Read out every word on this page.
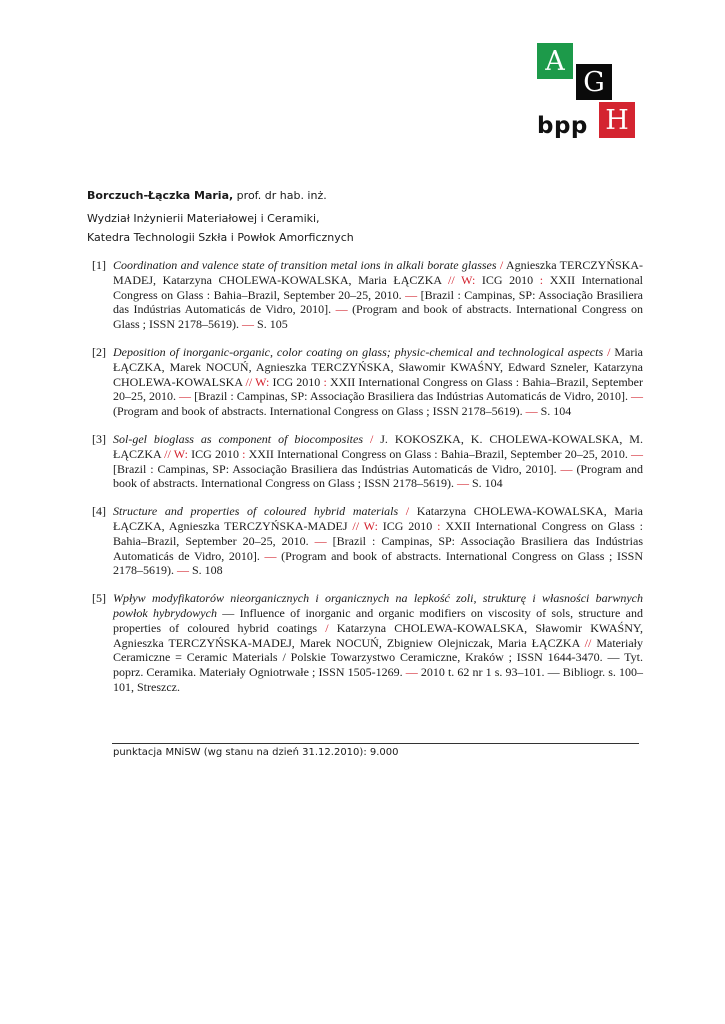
A
G
bpp H
Borczuch-Łączka Maria, prof. dr hab. inż.
Wydział Inżynierii Materiałowej i Ceramiki,
Katedra Technologii Szkła i Powłok Amorficznych
[1] Coordination and valence state of transition metal ions in alkali borate glasses / Agnieszka TERCZYŃSKA-MADEJ, Katarzyna CHOLEWA-KOWALSKA, Maria ŁĄCZKA // W: ICG 2010 : XXII International Congress on Glass : Bahia–Brazil, September 20–25, 2010. — [Brazil : Campinas, SP: Associação Brasiliera das Indústrias Automaticás de Vidro, 2010]. — (Program and book of abstracts. International Congress on Glass ; ISSN 2178–5619). — S. 105
[2] Deposition of inorganic-organic, color coating on glass; physic-chemical and technological aspects / Maria ŁĄCZKA, Marek NOCUŃ, Agnieszka TERCZYŃSKA, Sławomir KWAŚNY, Edward Szneler, Katarzyna CHOLEWA-KOWALSKA // W: ICG 2010 : XXII International Congress on Glass : Bahia–Brazil, September 20–25, 2010. — [Brazil : Campinas, SP: Associação Brasiliera das Indústrias Automaticás de Vidro, 2010]. — (Program and book of abstracts. International Congress on Glass ; ISSN 2178–5619). — S. 104
[3] Sol-gel bioglass as component of biocomposites / J. KOKOSZKA, K. CHOLEWA-KOWALSKA, M. ŁĄCZKA // W: ICG 2010 : XXII International Congress on Glass : Bahia–Brazil, September 20–25, 2010. — [Brazil : Campinas, SP: Associação Brasiliera das Indústrias Automaticás de Vidro, 2010]. — (Program and book of abstracts. International Congress on Glass ; ISSN 2178–5619). — S. 104
[4] Structure and properties of coloured hybrid materials / Katarzyna CHOLEWA-KOWALSKA, Maria ŁĄCZKA, Agnieszka TERCZYŃSKA-MADEJ // W: ICG 2010 : XXII International Congress on Glass : Bahia–Brazil, September 20–25, 2010. — [Brazil : Campinas, SP: Associação Brasiliera das Indústrias Automaticás de Vidro, 2010]. — (Program and book of abstracts. International Congress on Glass ; ISSN 2178–5619). — S. 108
[5] Wpływ modyfikatorów nieorganicznych i organicznych na lepkość zoli, strukturę i własności barwnych powłok hybrydowych — Influence of inorganic and organic modifiers on viscosity of sols, structure and properties of coloured hybrid coatings / Katarzyna CHOLEWA-KOWALSKA, Sławomir KWAŚNY, Agnieszka TERCZYŃSKA-MADEJ, Marek NOCUŃ, Zbigniew Olejniczak, Maria ŁĄCZKA // Materiały Ceramiczne = Ceramic Materials / Polskie Towarzystwo Ceramiczne, Kraków ; ISSN 1644-3470. — Tyt. poprz. Ceramika. Materiały Ogniotrwałe ; ISSN 1505-1269. — 2010 t. 62 nr 1 s. 93–101. — Bibliogr. s. 100–101, Streszcz.
punktacja MNiSW (wg stanu na dzień 31.12.2010): 9.000
